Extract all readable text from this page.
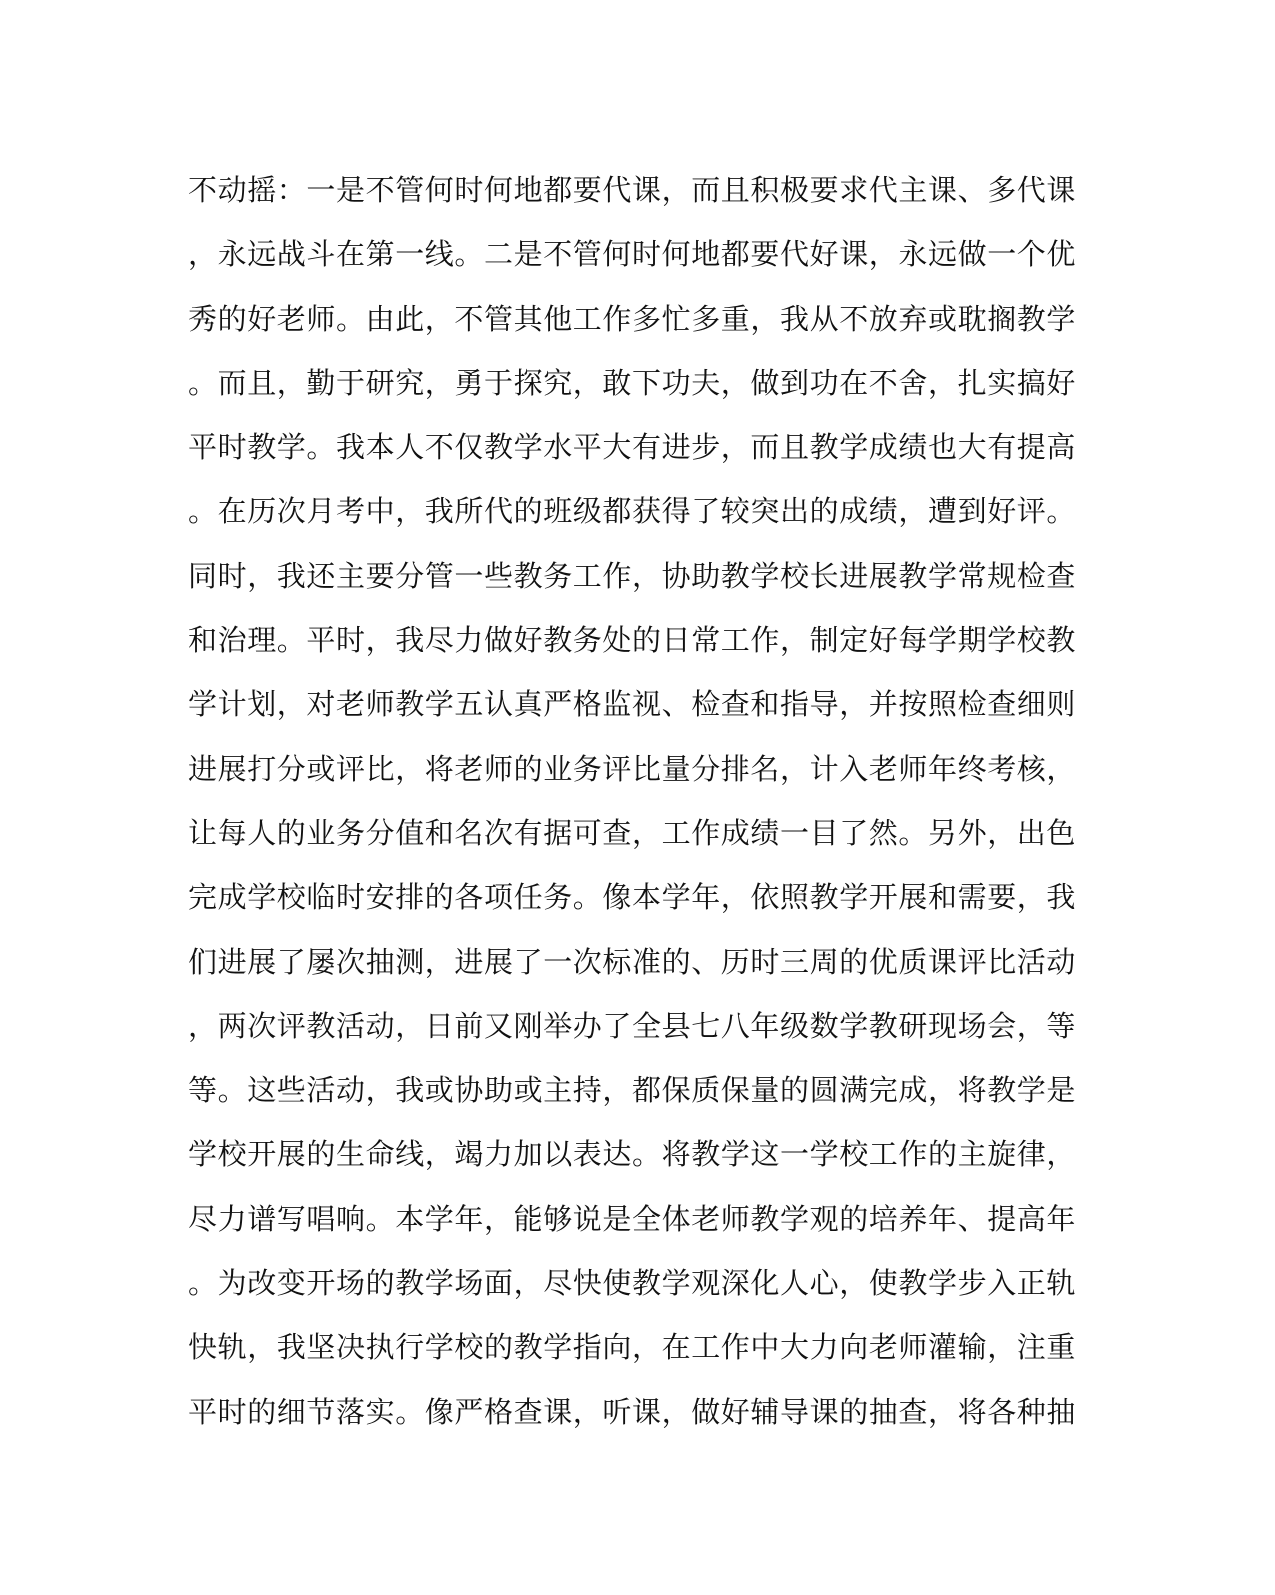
不动摇：一是不管何时何地都要代课，而且积极要求代主课、多代课
，永远战斗在第一线。二是不管何时何地都要代好课，永远做一个优
秀的好老师。由此，不管其他工作多忙多重，我从不放弃或耽搁教学
。而且，勤于研究，勇于探究，敢下功夫，做到功在不舍，扎实搞好
平时教学。我本人不仅教学水平大有进步，而且教学成绩也大有提高
。在历次月考中，我所代的班级都获得了较突出的成绩，遭到好评。
同时，我还主要分管一些教务工作，协助教学校长进展教学常规检查
和治理。平时，我尽力做好教务处的日常工作，制定好每学期学校教
学计划，对老师教学五认真严格监视、检查和指导，并按照检查细则
进展打分或评比，将老师的业务评比量分排名，计入老师年终考核，
让每人的业务分值和名次有据可查，工作成绩一目了然。另外，出色
完成学校临时安排的各项任务。像本学年，依照教学开展和需要，我
们进展了屡次抽测，进展了一次标准的、历时三周的优质课评比活动
，两次评教活动，日前又刚举办了全县七八年级数学教研现场会，等
等。这些活动，我或协助或主持，都保质保量的圆满完成，将教学是
学校开展的生命线，竭力加以表达。将教学这一学校工作的主旋律，
尽力谱写唱响。本学年，能够说是全体老师教学观的培养年、提高年
。为改变开场的教学场面，尽快使教学观深化人心，使教学步入正轨
快轨，我坚决执行学校的教学指向，在工作中大力向老师灌输，注重
平时的细节落实。像严格查课，听课，做好辅导课的抽查，将各种抽
